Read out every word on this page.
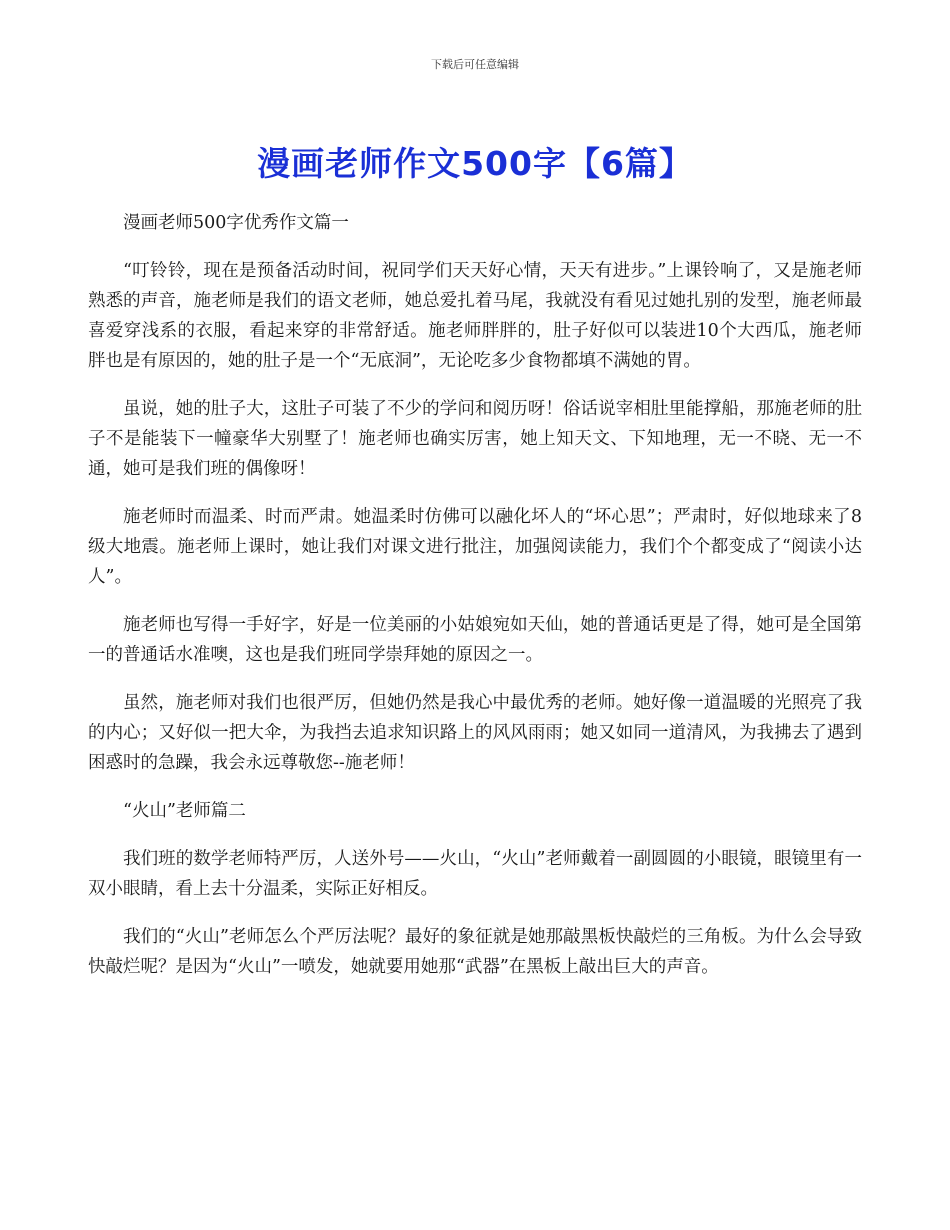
下载后可任意编辑
漫画老师作文500字【6篇】

漫画老师500字优秀作文篇一

“叮铃铃，现在是预备活动时间，祝同学们天天好心情，天天有进步。”上课铃响了，又是施老师熟悉的声音，施老师是我们的语文老师，她总爱扎着马尾，我就没有看见过她扎别的发型，施老师最喜爱穿浅系的衣服，看起来穿的非常舒适。施老师胖胖的，肚子好似可以装进10个大西瓜，施老师胖也是有原因的，她的肚子是一个“无底洞”，无论吃多少食物都填不满她的胃。

虽说，她的肚子大，这肚子可装了不少的学问和阅历呀！俗话说宰相肚里能撑船，那施老师的肚子不是能装下一幢豪华大别墅了！施老师也确实厉害，她上知天文、下知地理，无一不晓、无一不通，她可是我们班的偶像呀！

施老师时而温柔、时而严肃。她温柔时仿佛可以融化坏人的“坏心思”；严肃时，好似地球来了8级大地震。施老师上课时，她让我们对课文进行批注，加强阅读能力，我们个个都变成了“阅读小达人”。

施老师也写得一手好字，好是一位美丽的小姑娘宛如天仙，她的普通话更是了得，她可是全国第一的普通话水准噢，这也是我们班同学崇拜她的原因之一。

虽然，施老师对我们也很严厉，但她仍然是我心中最优秀的老师。她好像一道温暖的光照亮了我的内心；又好似一把大伞，为我挡去追求知识路上的风风雨雨；她又如同一道清风，为我拂去了遇到困惑时的急躁，我会永远尊敬您--施老师！

“火山”老师篇二

我们班的数学老师特严厉，人送外号——火山，“火山”老师戴着一副圆圆的小眼镜，眼镜里有一双小眼睛，看上去十分温柔，实际正好相反。

我们的“火山”老师怎么个严厉法呢？最好的象征就是她那敲黑板快敲烂的三角板。为什么会导致快敲烂呢？是因为“火山”一喷发，她就要用她那“武器”在黑板上敲出巨大的声音。
